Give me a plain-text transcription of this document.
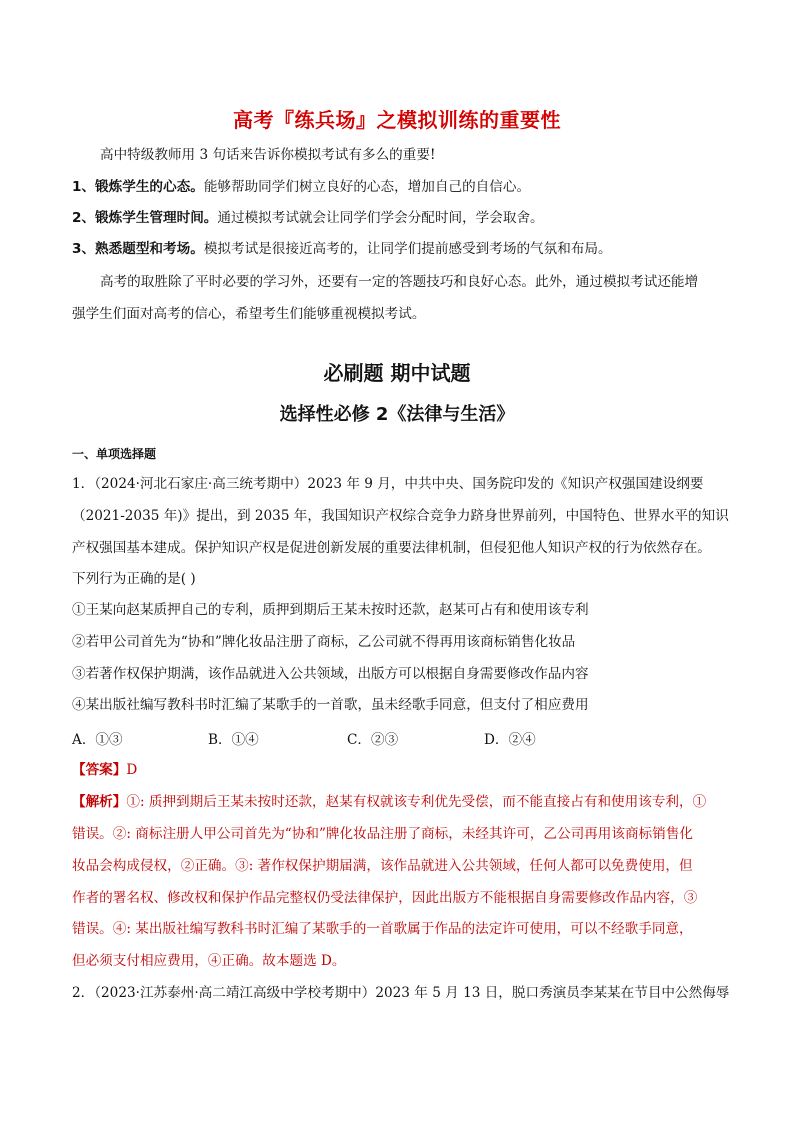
高考『练兵场』之模拟训练的重要性
高中特级教师用 3 句话来告诉你模拟考试有多么的重要!
1、锻炼学生的心态。能够帮助同学们树立良好的心态，增加自己的自信心。
2、锻炼学生管理时间。通过模拟考试就会让同学们学会分配时间，学会取舍。
3、熟悉题型和考场。模拟考试是很接近高考的，让同学们提前感受到考场的气氛和布局。
高考的取胜除了平时必要的学习外，还要有一定的答题技巧和良好心态。此外，通过模拟考试还能增
强学生们面对高考的信心，希望考生们能够重视模拟考试。
必刷题 期中试题
选择性必修 2《法律与生活》
一、单项选择题
1．（2024·河北石家庄·高三统考期中）2023 年 9 月，中共中央、国务院印发的《知识产权强国建设纲要
（2021-2035 年)》提出，到 2035 年，我国知识产权综合竞争力跻身世界前列，中国特色、世界水平的知识
产权强国基本建成。保护知识产权是促进创新发展的重要法律机制，但侵犯他人知识产权的行为依然存在。
下列行为正确的是( )
①王某向赵某质押自己的专利，质押到期后王某未按时还款，赵某可占有和使用该专利
②若甲公司首先为“协和”牌化妆品注册了商标，乙公司就不得再用该商标销售化妆品
③若著作权保护期满，该作品就进入公共领域，出版方可以根据自身需要修改作品内容
④某出版社编写教科书时汇编了某歌手的一首歌，虽未经歌手同意，但支付了相应费用
A．①③	B．①④	C．②③	D．②④
【答案】D
【解析】①: 质押到期后王某未按时还款，赵某有权就该专利优先受偿，而不能直接占有和使用该专利，①
错误。②: 商标注册人甲公司首先为“协和”牌化妆品注册了商标，未经其许可，乙公司再用该商标销售化
妆品会构成侵权，②正确。③: 著作权保护期届满，该作品就进入公共领域，任何人都可以免费使用，但
作者的署名权、修改权和保护作品完整权仍受法律保护，因此出版方不能根据自身需要修改作品内容，③
错误。④: 某出版社编写教科书时汇编了某歌手的一首歌属于作品的法定许可使用，可以不经歌手同意，
但必须支付相应费用，④正确。故本题选 D。
2．（2023·江苏泰州·高二靖江高级中学校考期中）2023 年 5 月 13 日，脱口秀演员李某某在节目中公然侮辱
